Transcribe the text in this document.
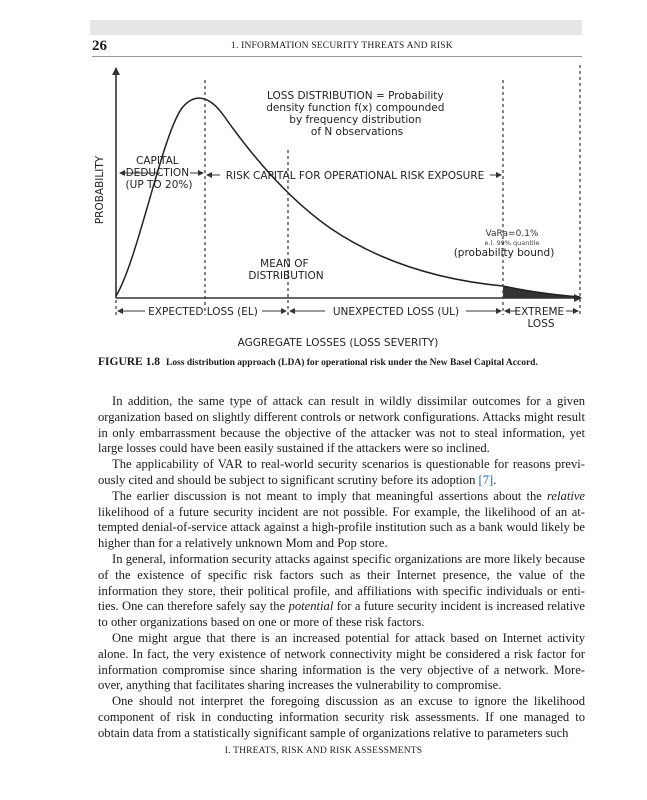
26	1. INFORMATION SECURITY THREATS AND RISK
LOSS DISTRIBUTION = Probability density function f(x) compounded by frequency distribution of N observations
CAPITAL DEDUCTION (UP TO 20%)
RISK CAPITAL FOR OPERATIONAL RISK EXPOSURE
VaRa=0.1%
e.l. 99% quantile
(probability bound)
MEAN OF DISTRIBUTION
EXPECTED LOSS (EL)	UNEXPECTED LOSS (UL)	EXTREME LOSS
PROBABILITY
AGGREGATE LOSSES (LOSS SEVERITY)
FIGURE 1.8 Loss distribution approach (LDA) for operational risk under the New Basel Capital Accord.

In addition, the same type of attack can result in wildly dissimilar outcomes for a given organization based on slightly different controls or network configurations. Attacks might result in only embarrassment because the objective of the attacker was not to steal information, yet large losses could have been easily sustained if the attackers were so inclined.

The applicability of VAR to real-world security scenarios is questionable for reasons previously cited and should be subject to significant scrutiny before its adoption [7].

The earlier discussion is not meant to imply that meaningful assertions about the relative likelihood of a future security incident are not possible. For example, the likelihood of an attempted denial-of-service attack against a high-profile institution such as a bank would likely be higher than for a relatively unknown Mom and Pop store.

In general, information security attacks against specific organizations are more likely because of the existence of specific risk factors such as their Internet presence, the value of the information they store, their political profile, and affiliations with specific individuals or entities. One can therefore safely say the potential for a future security incident is increased relative to other organizations based on one or more of these risk factors.

One might argue that there is an increased potential for attack based on Internet activity alone. In fact, the very existence of network connectivity might be considered a risk factor for information compromise since sharing information is the very objective of a network. Moreover, anything that facilitates sharing increases the vulnerability to compromise.

One should not interpret the foregoing discussion as an excuse to ignore the likelihood component of risk in conducting information security risk assessments. If one managed to obtain data from a statistically significant sample of organizations relative to parameters such

I. THREATS, RISK AND RISK ASSESSMENTS
